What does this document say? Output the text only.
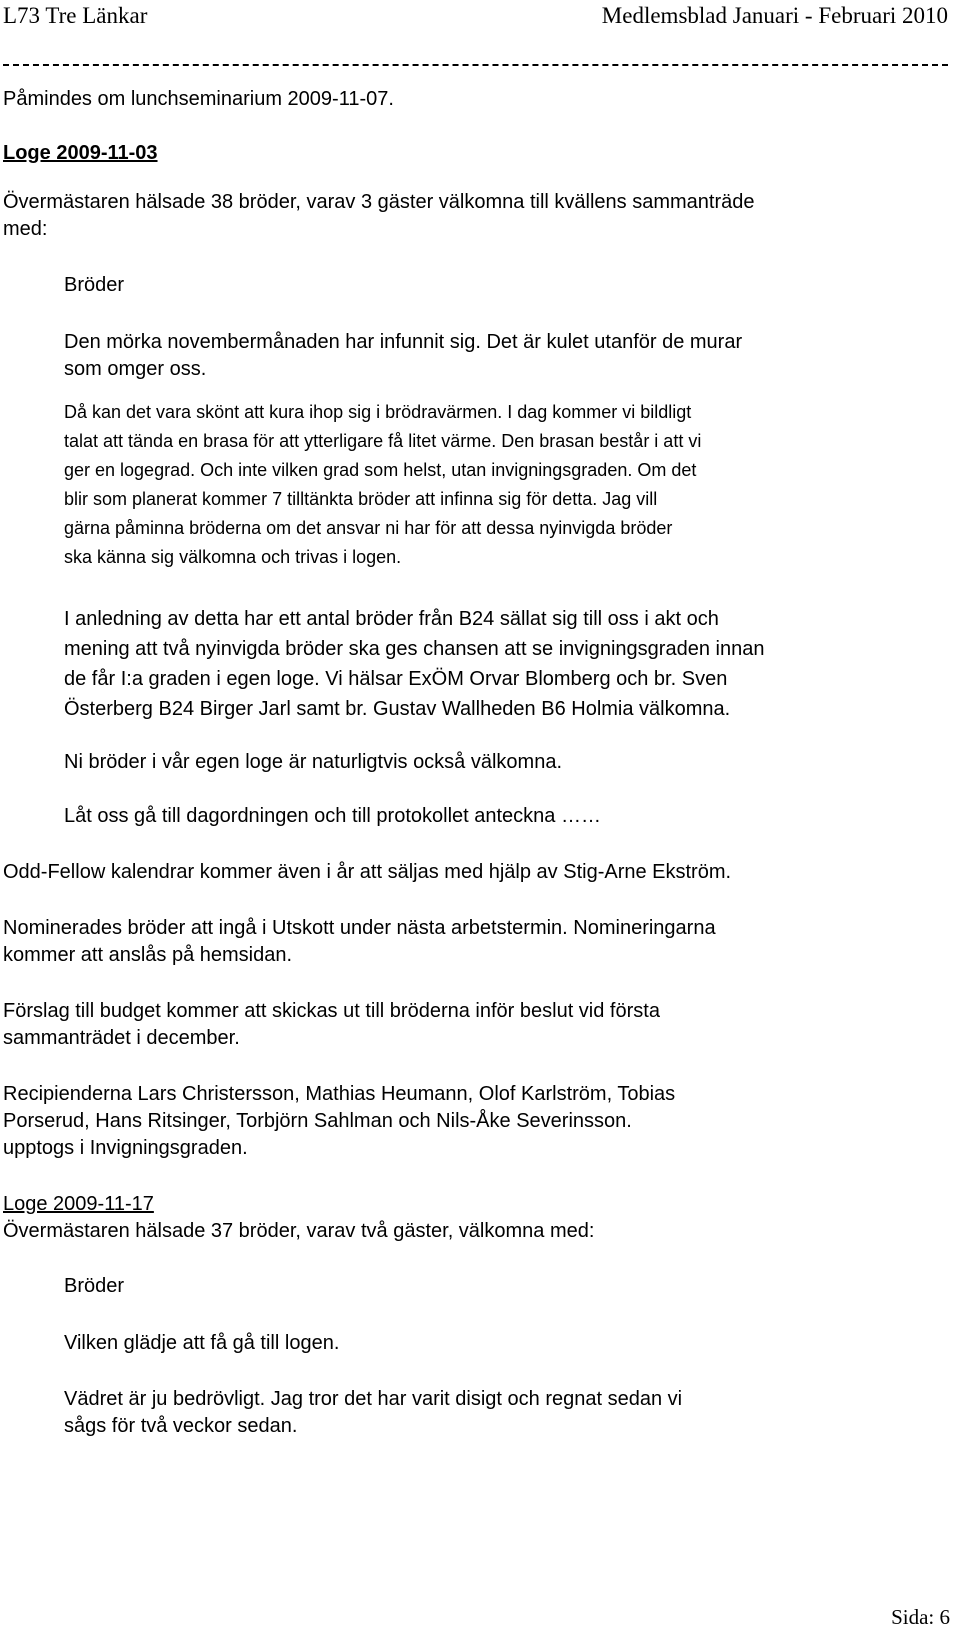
L73 Tre Länkar	Medlemsblad Januari - Februari 2010

Påmindes om lunchseminarium 2009-11-07.

Loge 2009-11-03

Övermästaren hälsade 38 bröder, varav 3 gäster välkomna till kvällens sammanträde

med:

Bröder

Den mörka novembermånaden har infunnit sig. Det är kulet utanför de murar

som omger oss.

Då kan det vara skönt att kura ihop sig i brödravärmen. I dag kommer vi bildligt

talat att tända en brasa för att ytterligare få litet värme. Den brasan består i att vi

ger en logegrad. Och inte vilken grad som helst, utan invigningsgraden. Om det

blir som planerat kommer 7 tilltänkta bröder att infinna sig för detta. Jag vill

gärna påminna bröderna om det ansvar ni har för att dessa nyinvigda bröder

ska känna sig välkomna och trivas i logen.

I anledning av detta har ett antal bröder från B24 sällat sig till oss i akt och

mening att två nyinvigda bröder ska ges chansen att se invigningsgraden innan

de får I:a graden i egen loge. Vi hälsar ExÖM Orvar Blomberg och br. Sven

Österberg B24 Birger Jarl samt br. Gustav Wallheden B6 Holmia välkomna.

Ni bröder i vår egen loge är naturligtvis också välkomna.

Låt oss gå till dagordningen och till protokollet anteckna ……

Odd-Fellow kalendrar kommer även i år att säljas med hjälp av Stig-Arne Ekström.

Nominerades bröder att ingå i Utskott under nästa arbetstermin. Nomineringarna

kommer att anslås på hemsidan.

Förslag till budget kommer att skickas ut till bröderna inför beslut vid första

sammanträdet i december.

Recipienderna Lars Christersson, Mathias Heumann, Olof Karlström, Tobias

Porserud, Hans Ritsinger, Torbjörn Sahlman och Nils-Åke Severinsson.

upptogs i Invigningsgraden.

Loge 2009-11-17

Övermästaren hälsade 37 bröder, varav två gäster, välkomna med:

Bröder

Vilken glädje att få gå till logen.

Vädret är ju bedrövligt. Jag tror det har varit disigt och regnat sedan vi

sågs för två veckor sedan.

Sida: 6
